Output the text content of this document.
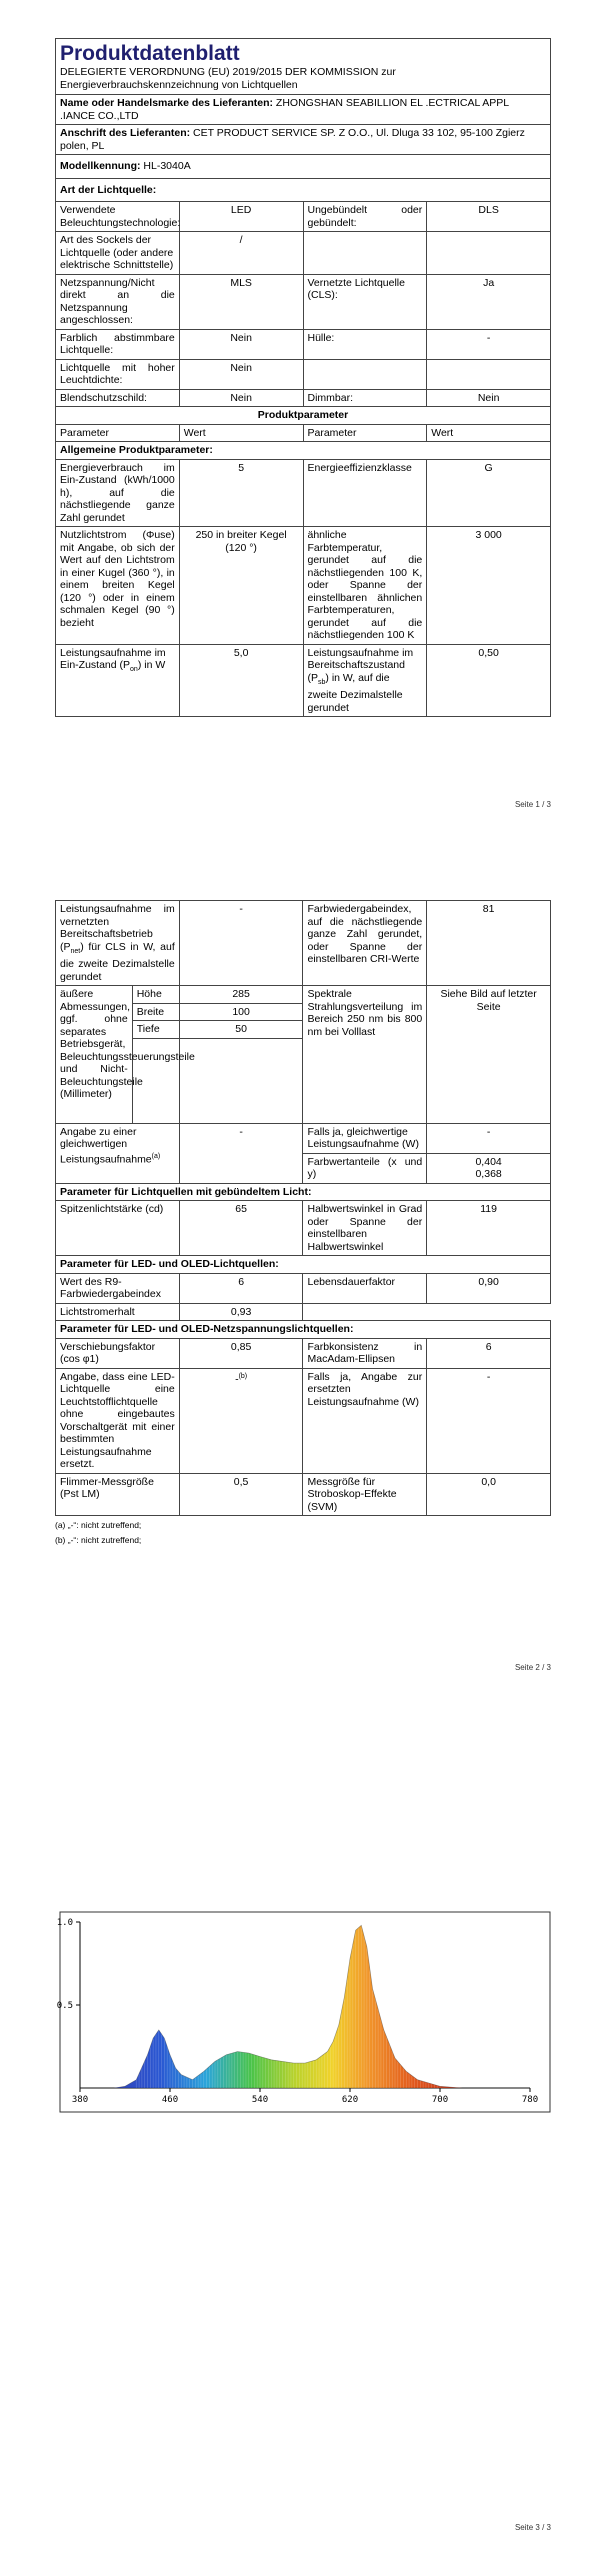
Produktdatenblatt
DELEGIERTE VERORDNUNG (EU) 2019/2015 DER KOMMISSION zur Energieverbrauchskennzeichnung von Lichtquellen			

Name oder Handelsmarke des Lieferanten: ZHONGSHAN SEABILLION EL .ECTRICAL APPL .IANCE CO.,LTD			
Anschrift des Lieferanten: CET PRODUCT SERVICE SP. Z O.O., Ul. Dluga 33 102, 95-100 Zgierz polen, PL			
Modellkennung: HL-3040A			
Art der Lichtquelle:			
Verwendete Beleuchtungstechnologie:	LED	Ungebündelt oder gebündelt:	DLS
Art des Sockels der Lichtquelle (oder andere elektrische Schnittstelle)	/		
Netzspannung/Nicht direkt an die Netzspannung angeschlossen:	MLS	Vernetzte Lichtquelle (CLS):	Ja
Farblich abstimmbare Lichtquelle:	Nein	Hülle:	-
Lichtquelle mit hoher Leuchtdichte:	Nein		
Blendschutzschild:	Nein	Dimmbar:	Nein
Produktparameter			
Parameter	Wert	Parameter	Wert
Allgemeine Produktparameter:			
Energieverbrauch im Ein-Zustand (kWh/1000 h), auf die nächstliegende ganze Zahl gerundet	5	Energieeffizienzklasse	G
Nutzlichtstrom (Φuse) mit Angabe, ob sich der Wert auf den Lichtstrom in einer Kugel (360 °), in einem breiten Kegel (120 °) oder in einem schmalen Kegel (90 °) bezieht	250 in breiter Kegel (120 °)	ähnliche Farbtemperatur, gerundet auf die nächstliegenden 100 K, oder Spanne der einstellbaren ähnlichen Farbtemperaturen, gerundet auf die nächstliegenden 100 K	3 000
Leistungsaufnahme im Ein-Zustand $(P_{on})$ in W	5,0	Leistungsaufnahme im Bereitschaftszustand $(P_{sb})$ in W, auf die zweite Dezimalstelle gerundet	0,50
Seite 1 / 3
Leistungsaufnahme im vernetzten Bereitschaftsbetrieb $(P_{net})$ für CLS in W, auf die zweite Dezimalstelle gerundet		-	Farbwiedergabeindex, auf die nächstliegende ganze Zahl gerundet, oder Spanne der einstellbaren CRI-Werte	81
äußere Abmessungen, ggf. ohne separates Betriebsgerät, Beleuchtungssteuerungsteile und Nicht-Beleuchtungsteile (Millimeter)	Höhe	285	Spektrale Strahlungsverteilung im Bereich 250 nm bis 800 nm bei Volllast	Siehe Bild auf letzter Seite
	Breite	100		
	Tiefe	50		

Angabe zu einer gleichwertigen Leistungsaufnahme$^{(a)}$		-	Falls ja, gleichwertige Leistungsaufnahme (W)	-
			Farbwertanteile (x und y)	0,404
0,368

Parameter für Lichtquellen mit gebündeltem Licht:				
Spitzenlichtstärke (cd)		65	Halbwertswinkel in Grad oder Spanne der einstellbaren Halbwertswinkel	119
Parameter für LED- und OLED-Lichtquellen:				
Wert des R9-Farbwiedergabeindex		6	Lebensdauerfaktor	0,90
Lichtstromerhalt		0,93		
Parameter für LED- und OLED-Netzspannungslichtquellen:				
Verschiebungsfaktor (cos φ1)		0,85	Farbkonsistenz in MacAdam-Ellipsen	6
Angabe, dass eine LED-Lichtquelle eine Leuchtstofflichtquelle ohne eingebautes Vorschaltgerät mit einer bestimmten Leistungsaufnahme ersetzt.		-$^{(b)}$	Falls ja, Angabe zur ersetzten Leistungsaufnahme (W)	-
Flimmer-Messgröße (Pst LM)		0,5	Messgröße für Stroboskop-Effekte (SVM)	0,0
(a) „-“: nicht zutreffend;
(b) „-“: nicht zutreffend;
Seite 2 / 3
380	460	540	620	700	780
0.5
1.0
Seite 3 / 3
